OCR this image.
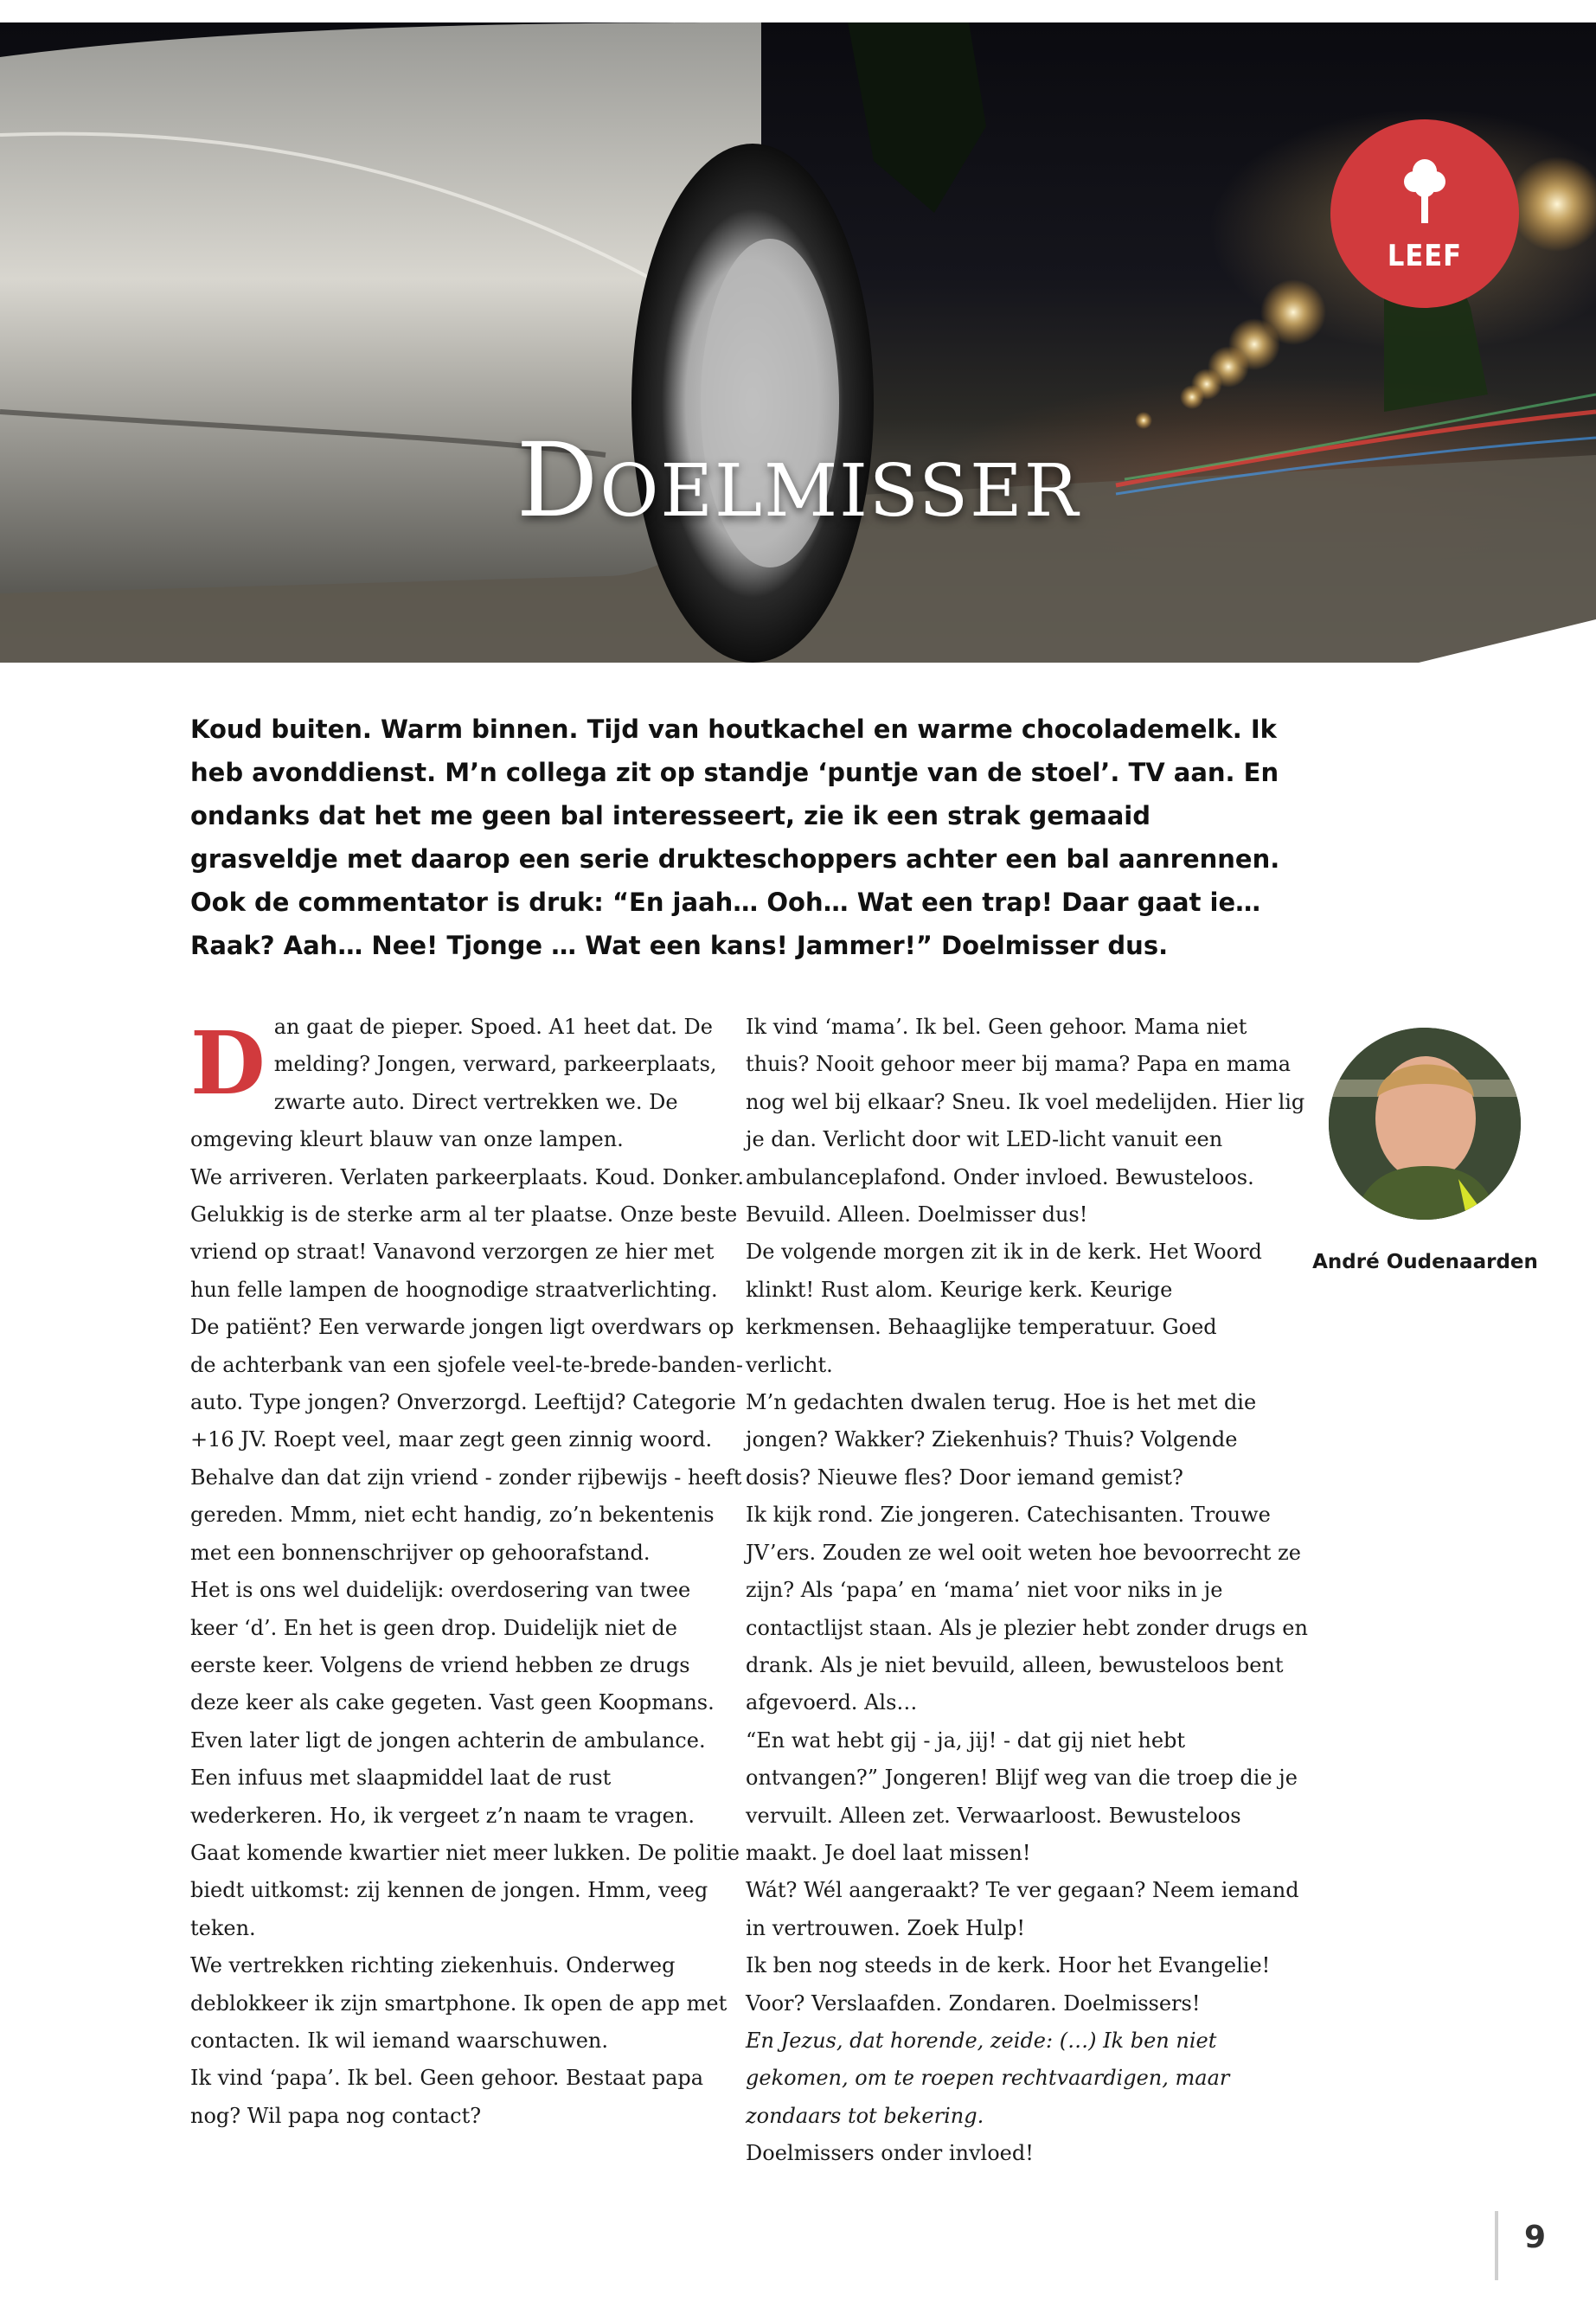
Doelmisser
LEEF
Koud buiten. Warm binnen. Tijd van houtkachel en warme chocolademelk. Ik heb avonddienst. M’n collega zit op standje ‘puntje van de stoel’. TV aan. En ondanks dat het me geen bal interesseert, zie ik een strak gemaaid grasveldje met daarop een serie drukteschoppers achter een bal aanrennen. Ook de commentator is druk: “En jaah… Ooh… Wat een trap! Daar gaat ie… Raak? Aah… Nee! Tjonge … Wat een kans! Jammer!” Doelmisser dus.

Dan gaat de pieper. Spoed. A1 heet dat. De melding? Jongen, verward, parkeerplaats, zwarte auto. Direct vertrekken we. De omgeving kleurt blauw van onze lampen.

We arriveren. Verlaten parkeerplaats. Koud. Donker. Gelukkig is de sterke arm al ter plaatse. Onze beste vriend op straat! Vanavond verzorgen ze hier met hun felle lampen de hoognodige straatverlichting.

De patiënt? Een verwarde jongen ligt overdwars op de achterbank van een sjofele veel-te-brede-banden-auto. Type jongen? Onverzorgd. Leeftijd? Categorie +16 JV. Roept veel, maar zegt geen zinnig woord. Behalve dan dat zijn vriend - zonder rijbewijs - heeft gereden. Mmm, niet echt handig, zo’n bekentenis met een bonnenschrijver op gehoorafstand.

Het is ons wel duidelijk: overdosering van twee keer ‘d’. En het is geen drop. Duidelijk niet de eerste keer. Volgens de vriend hebben ze drugs deze keer als cake gegeten. Vast geen Koopmans.

Even later ligt de jongen achterin de ambulance. Een infuus met slaapmiddel laat de rust wederkeren. Ho, ik vergeet z’n naam te vragen. Gaat komende kwartier niet meer lukken. De politie biedt uitkomst: zij kennen de jongen. Hmm, veeg teken.

We vertrekken richting ziekenhuis. Onderweg deblokkeer ik zijn smartphone. Ik open de app met contacten. Ik wil iemand waarschuwen.

Ik vind ‘papa’. Ik bel. Geen gehoor. Bestaat papa nog? Wil papa nog contact?

Ik vind ‘mama’. Ik bel. Geen gehoor. Mama niet thuis? Nooit gehoor meer bij mama? Papa en mama nog wel bij elkaar? Sneu. Ik voel medelijden. Hier lig je dan. Verlicht door wit LED-licht vanuit een ambulanceplafond. Onder invloed. Bewusteloos. Bevuild. Alleen. Doelmisser dus!

De volgende morgen zit ik in de kerk. Het Woord klinkt! Rust alom. Keurige kerk. Keurige kerkmensen. Behaaglijke temperatuur. Goed verlicht.

M’n gedachten dwalen terug. Hoe is het met die jongen? Wakker? Ziekenhuis? Thuis? Volgende dosis? Nieuwe fles? Door iemand gemist?

Ik kijk rond. Zie jongeren. Catechisanten. Trouwe JV’ers. Zouden ze wel ooit weten hoe bevoorrecht ze zijn? Als ‘papa’ en ‘mama’ niet voor niks in je contactlijst staan. Als je plezier hebt zonder drugs en drank. Als je niet bevuild, alleen, bewusteloos bent afgevoerd. Als…

“En wat hebt gij - ja, jij! - dat gij niet hebt ontvangen?” Jongeren! Blijf weg van die troep die je vervuilt. Alleen zet. Verwaarloost. Bewusteloos maakt. Je doel laat missen!

Wát? Wél aangeraakt? Te ver gegaan? Neem iemand in vertrouwen. Zoek Hulp!

Ik ben nog steeds in de kerk. Hoor het Evangelie! Voor? Verslaafden. Zondaren. Doelmissers!

En Jezus, dat horende, zeide: (…) Ik ben niet gekomen, om te roepen rechtvaardigen, maar zondaars tot bekering.

Doelmissers onder invloed!

André Oudenaarden
9
